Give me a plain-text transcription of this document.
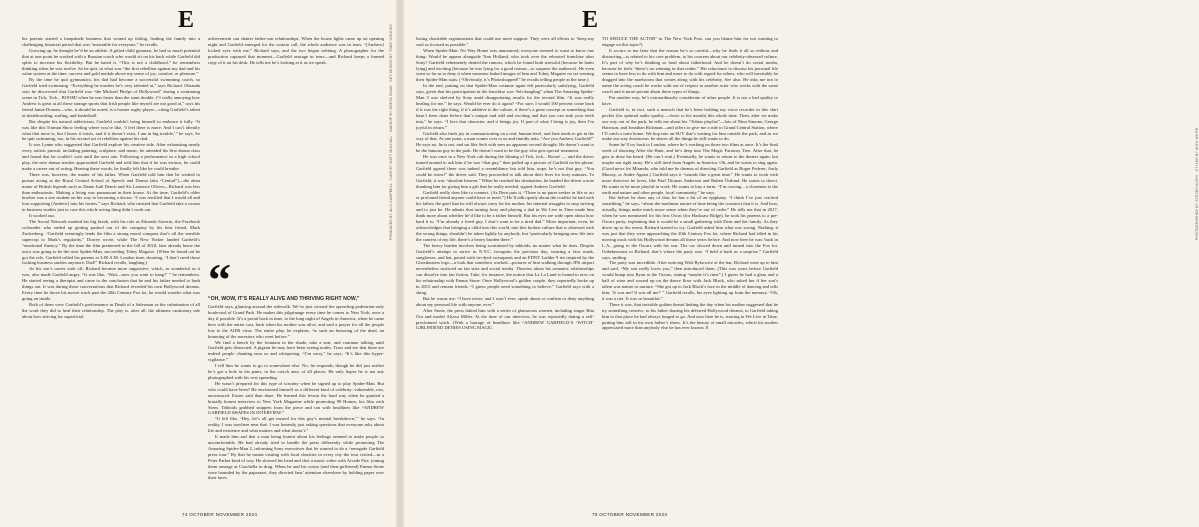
E

his parents started a lampshade business that wound up failing, leading the family into a challenging financial period that was “miserable for everyone,” he recalls.

Growing up, he thought he’d be an athlete. A gifted child gymnast, he had so much potential that at one point he worked with a Russian coach who would sit on his back while Garfield did splits to increase his flexibility. But he hated it. “This is not a childhood,” he remembers thinking when he was twelve. So he quit, in what was “the first rebellion against my dad and his value system at the time: success and gold medals above my sense of joy, comfort, or pleasure.”

By the time he quit gymnastics, his dad had become a successful swimming coach, so Garfield tried swimming. “Everything he touches he’s very talented at,” says Richard. Obranda says he discovered that Garfield was “the Michael Phelps of Hollywood” during a swimming scene in Tick, Tick... BOOM! when he was faster than the stunt double. (“I really annoying how Andrew is great at all these strange sports that Irish people like myself are not good at,” says his friend Jamie Dornan—who, it should be noted, is a former rugby player—citing Garfield’s talent at skateboarding, surfing, and basketball.

But despite his natural athleticism, Garfield couldn’t bring himself to embrace it fully. “It was like this Truman Show feeling where you’re like, ‘I feel there is more. And I can’t identify what that more is, but I know it exists, and if it doesn’t exist, I am in big trouble,’” he says. So he quit swimming, too, in his second act of rebellion against his dad.

It was Lynne who suggested that Garfield explore his creative side. After exhausting nearly every artistic pursuit, including painting, sculpture, and music, he attended his first drama class and found that he couldn’t wait until the next one. Following a performance in a high school play, the new drama teacher approached Garfield and told him that if he was serious, he could make a career out of acting. Hearing these words, he finally felt like he could breathe.

There was, however, the matter of his father. When Garfield told him that he wished to pursue acting at the Royal Central School of Speech and Drama (aka “Central”)—the alma mater of British legends such as Dame Judi Dench and Sir Laurence Olivier—Richard was less than enthusiastic. Making a living was paramount in their house. At the time, Garfield’s older brother was a star student on his way to becoming a doctor. “I was terrified that I would all and lose supporting [Andrew] into his forties,” says Richard, who insisted that Garfield take a course in business studies just in case this whole acting thing didn’t work out.

It worked out.

The Social Network marked his big break, with his role as Eduardo Saverin, the Facebook cofounder who ended up getting pushed out of the company by his best friend, Mark Zuckerberg. “Garfield seemingly lends the film a strong moral compass that’s all the sensible supercop to Mark’s regularity,” Dorrey wrote, while The New Yorker lauded Garfield’s “emotional fluency.” By the time the film premiered in the fall of 2010, fans already knew the actor was going to be the next Spider-Man, succeeding Tobey Maguire. (When he found out he got the role, Garfield called his parents at 3:00 A.M. London time, shouting, “I don’t need those fucking business studies anymore, Dad!” Richard recalls, laughing.)

As his son’s career took off, Richard became more supportive, which, as wonderful as it was, also made Garfield angry. “It was like, ‘Wait—now you want to hang?’ ” he remembers. He started seeing a therapist and came to the conclusion that he and his father needed to hash things out. It was during these conversations that Richard revealed his own Hollywood dreams. Every time he drove his mover truck past the 20th Century Fox lot, he would wonder what was going on inside.

Both of them view Garfield’s performance in Death of a Salesman as the culmination of all the work they did to heal their relationship. The play is, after all, the ultimate cautionary tale about how striving for superficial

achievement can shatter father-son relationships. When the house lights came up on opening night and Garfield emerged for the curtain call, the whole audience was in tears. “[Andrew] locked eyes with me,” Richard says, and the two began sobbing. A photographer for the production captured that moment—Garfield onstage in tears—and Richard keeps a framed copy of it on his desk. He tells me he’s looking at it as we speak.

“
“OH, WOW, IT’S REALLY ALIVE AND THRIVING RIGHT NOW,”

Garfield says, glancing around the sidewalk. We’ve just crossed the sprawling pedestrian-only boulevard of Grand Park. He makes this pilgrimage every time he comes to New York, once a day if possible. It’s a portal back in time, to the long night of Angels in America, when he came here with the entire cast, back when his mother was alive, and said a prayer for all the people lost to the AIDS virus. The entire play, he explains, “is such an honoring of the dead, an honoring of the ancestors who went before.”

We find a bench by the fountain in the shade, take a seat, and continue talking until Garfield gets distracted. A pigeon he may have been eyeing nodes. Tears and see that there are indeed people chanting near us and whispering. “I’m sorry,” he says. “It’s like this hyper-vigilance.”

I tell him he wants to go to somewhere else. No, he responds, though he did just realize he’s got a hole in his pants, in the crotch area, of all places. He only hopes he is not any photographed with his vest spreading.

He wasn’t prepared for this type of scrutiny when he signed up to play Spider-Man. But who could have been? He envisioned himself as a different kind of celebrity: vulnerable, raw, uncensored. Easier said than done. He learned this lesson the hard way when he granted a brutally honest interview to New York Magazine while promoting 99 Homes, his film with Stern. Tabloids grabbed snippets from the piece and ran with headlines like “ANDREW GARFIELD SHAPES IN INTERVIEW.”

“It felt like, ‘Hey, let’s all get trusted for this guy’s mental breakdown,’” he says. “In reality, I was nowhere near that. I was honestly just asking questions that everyone asks about life and existence and what matters and what doesn’t.”

It made him sad that a man being honest about his feelings seemed to make people so uncomfortable. He had already tried to handle the press differently while promoting The Amazing Spider-Man 2, informing Sony executives that he wanted to do a “renegade Garfield press tour.” By that he meant visiting with local charities in every city the tour visited—in a Peter Parker kind of way. He showed his head and shot a music video with Arcade Fire, joining them onstage at Coachella in drag. When he and his costar (and then-girlfriend) Emma Stone were hounded by the paparazzi, they directed fans’ attention elsewhere by holding paper over their faces

74 OCTOBER NOVEMBER 2024
PRODUCED BY ALIX CAMPBELL · HAIR BY MATT MULHALL · MAKEUP BY GRETA SWAN · SET DESIGN BY TODD WIGGINS
E

listing charitable organizations that could use more support. They were all efforts to “keep my soul as focused as possible.”

When Spider-Man: No Way Home was announced, everyone seemed to want to know one thing: Would he appear alongside Tom Holland, who took over the rebooted franchise after Sony? Garfield vehemently denied the rumors, which he found both stressful (because he hates lying) and exciting (because he was lying for a good reason—to surprise the audience). He even went so far as to deny it when someone leaked images of him and Tobey Maguire on set wearing their Spider-Man suits. (“Obviously, it’s Photoshopped!” he recalls telling people at the time.)

In the end, putting on that Spider-Man costume again felt particularly satisfying, Garfield says, given that his participation in the franchise was “left dangling” when The Amazing Spider-Man 3 was shelved by Sony amid disappointing results for the second film. “It was really healing for me,” he says. Would he ever do it again? “For sure, I would 100 percent come back if it was the right thing, if it’s additive to the culture, if there’s a great concept or something that hasn’t been done before that’s unique and odd and exciting and that you can sink your teeth into,” he says. “I love that character, and it brings joy. If part of what I bring is joy, then I’m joyful in return.”

Garfield also finds joy in communicating on a real, human level, and Jane tends to get in the way of that. At one point, a man comes over to us and timidly asks, “Are you Andrew Garfield?” He says no, he is not, and sat like Seth with sees an apparent second thought. He doesn’t want to be the famous guy in the park. He doesn’t want to be the guy who gets special treatment.

He was once in a New York cab during the filming of Tick, tick... Boom! — and the driver turned around to ask him if he was “that guy,” then pulled up a picture of Garfield on his phone. Garfield agreed there was indeed a resemblance but told him, nope, he’s not that guy. “You could be twins!” the driver said. They proceeded to talk about their lives for forty minutes. To Garfield, it was “absolute heaven.” When he reached his destination, he handed the driver a note thanking him for giving him a gift that he really needed, signed Andrew Garfield.

Garfield really does like to connect. (As Dern puts it, “There is no purer seeker in life or art or profound friend anyone could have or meet.”) He’ll talk openly about the conflict he had with his father, the grief that he will always carry for his mother, his internal struggles to stop striving and to just be. He admits that turning forty and playing a dad in We Live in Time made him think more about whether he’d like to be a father himself. But his eyes are wide open about how hard it is: “I’m already a freed guy. I don’t want to be a tired dad.” More important, even, he acknowledges that bringing a child into this world, into this broken culture that is obsessed with the wrong things, shouldn’t be taken lightly by anybody, but “particularly bringing new life into the context of my life, there’s a heavy burden there.”

The heavy burden involves being scrutinized by tabloids, no matter what he does. Despite Garfield’s attempt to arrive in N.Y.C. incognito the previous day, wearing a face mask, sunglasses, and hat, paired with tie-dyed sweatpants and an FDNY Ladder 9 tee inspired by the Ghostbusters logo—a look that somehow worked—pictures of him walking through JFK airport nevertheless surfaced on fan sites and social media. Theories about his romantic relationships can dissolve into fan fiction. Take, for instance, the notion that La La Land is bound to now on his relationship with Emma Stone. Once Hollywood’s golden couple, they reportedly broke up in 2015 and remain friends. “I guess people need something to believe,” Garfield says with a shrug.

But he warns me: “I have never, and I won’t ever, speak about or confirm or deny anything about my personal life with anyone, ever.”

After Stone, the press linked him with a series of glamorous women, including singer Rita Ora and model Alyssa Miller. At the time of our interview, he was reportedly dating a self-proclaimed witch. (With a barrage of headlines like “ANDREW GARFIELD’S ‘WITCH’ GIRLFRIEND DENIES USING MAGIC

TO SEDUCE THE ACTOR” in The New York Post, can you blame him for not wanting to engage on this topic?)

It occurs to me later that the reason he’s so careful—why he finds it all so tedious and distracting—is related to his core problem, to his concern about our celebrity-obsessed culture. It’s part of why he’s thinking so hard about fatherhood. And he doesn’t do social media, because he feels “there’s no winning in that realm.” His reluctance to discuss his personal life seems to have less to do with him and more to do with regard for others, who will inevitably be dragged into the maelstrom that comes along with his celebrity. See also: He asks me not to name the acting coach he works with out of respect to another actor who works with the same coach and is more private about these types of things.

Put another way, he’s extraordinarily considerate of other people. It is not a bad quality to have.

Garfield is, in fact, such a mensch that he’s been holding my voice recorder in this shirt pocket (for optimal audio quality—closer to his mouth) this whole time. Then, after we make our way out of the park, he tells me about his “Tobias playlist”—lots of Nina Simone, George Harrison, and Jonathan Richman—and offers to give me a ride to Grand Central Station, where I’ll catch a train home. We hop into an SUV that’s waiting for him outside the park, and as we make our way downtown, he shares all the things he still wants to do.

Some he’ll try back to London, where he’s working on those two films at once. It’s the final week of shooting After the Hunt, and he’s deep into The Magic Faraway Tree. After that, he gets to draw his beard. (He can’t wait.) Eventually, he wants to return to the theater again, but maybe not right away. He’s still tired from Angels in America. Oh, and he wants to sing again. (Good news for Miranda, who told me he dreams of directing Garfield as Roger Federer, Andy Murray, or Andre Agassi.) Garfield says it “sounds like a great time.” He wants to work with more directors he loves, like Paul Thomas Anderson and Ruben Östlund. He wants to direct. He wants to be more playful in work. He wants to buy a farm. “I’m craving... a closeness to the earth and nature and other people, local community,” he says.

But before he does any of that, he has a bit of an epiphany. “I think I’ve just cracked something,” he says, “about the nonlinear nature of time being the construct that it is. And how, actually, things make much more sense when they’re out of order.” He tells me that in 2017, when he was nominated for his first Oscar (for Hacksaw Ridge), he took his parents to a pre-Oscars party, explaining that it would be a small gathering with Dern and her family. As they drove up to the event, Richard started to cry. Garfield asked him what was wrong. Nothing: it was just that they were approaching the 20th Century Fox lot, where Richard had idled in his moving truck with his Hollywood dreams all those years before. And now here he was: back in L.A., going to the Oscars with his son. The car slowed down and turned into the Fox lot. Unbeknownst to Richard, that’s where the party was. “I held it back as a surprise,” Garfield says, smiling.

The party was incredible. After noticing Walt Bykowice at the bar, Richard went up to him and said, “My son really loves you,” then introduced them. (This was years before Garfield would bump into Ryan at the Oscars, stating “maybe it’s time”.) I guess he had a glass and a half of wine and wound up on the dance floor with Jack Black, who asked her if her son’s talent was nature or nurture. “She got up to Jack Black’s face in the middle of dancing and tells him, ‘It was me! It was all me!’ ” Garfield recalls, his eyes lighting up from the memory. “Oh, it was a riot. It was so beautiful.”

There it was, that invisible golden thread linking the day when his mother suggested that he try something creative, to his father sharing his deferred Hollywood dreams, to Garfield taking him to that place he had always longed to go. And now here he is, starring in We Live in Time, putting him self in his own father’s shoes. It’s the beauty of small miracles, which his mother appreciated more than anybody else he has ever known. E

75 OCTOBER NOVEMBER 2024
PHOTOGRAPHED BY STEVEN KLEIN · STYLED BY ALEX WHITE
